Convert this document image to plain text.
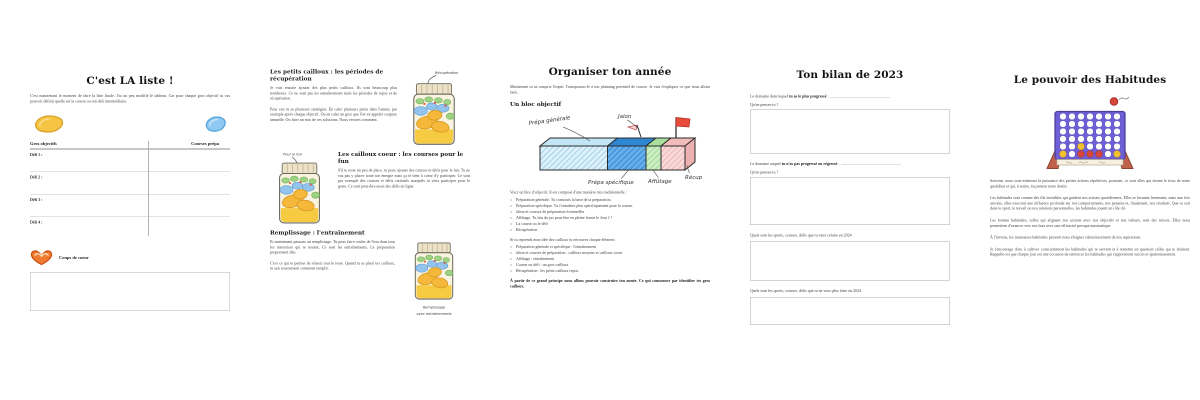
C'est LA liste !

C'est maintenant le moment de faire la liste finale. J'ai un peu modifié le tableau. Car pour chaque gros objectif tu vas pouvoir définir quelle est la course ou ton défi intermédiaire.

Gros objectifs	Courses prépa
Défi 1 :
Défi 2 :
Défi 3 :
Défi 4 :
Coups de coeur
Les petits cailloux : les périodes de récupération

Je vais ensuite ajouter des plus petits cailloux. Ils sont beaucoup plus nombreux. Ce ne sont pas les entraînements mais les périodes de repos et de récupération.

Pour eux tu as plusieurs stratégies. En caler plusieurs petits dans l'année, par exemple après chaque objectif. Ou en caler un gros que l'on va appeler coupure annuelle. Ou faire un mix de ces solutions. Nous verrons comment.

Récupération
Pour le fun	Les cailloux coeur : les courses pour le fun

S'il te reste un peu de place, tu peux ajouter des courses et défis pour le fun. Tu ne vas pas y placer toute ton énergie mais ça te tient à coeur d'y participer. Ce sont par exemple des courses et défis caritatifs auxquels tu veux participer pour le geste. Ce sont peut-être aussi des défis en ligne.

Remplissage : l'entraînement

Et maintenant passons au remplissage. Tu peux faire couler de l'eau dans tous les interstices qui te restent. Ce sont les entraînements. La préparation proprement dite.

C'est ce qui te permet de réussir tout le reste. Quand tu as placé tes cailloux, tu sais exactement comment remplir.

Remplissage
avec entraînements
Organiser ton année

Maintenant tu as compris l'esprit. Transposons-le à ton planning potentiel de course. Je vais t'expliquer ce que nous allons faire.

Un bloc objectif
Prépa générale	Jalon
Prépa spécifique Affûtage
Récup

Voici un bloc d'objectif. Il est composé d'une manière très traditionnelle :

• Préparation générale. Tu construis la base de ta préparation.
• Préparation spécifique. Tu t'entraînes plus spécifiquement pour la course.
• Jalon et courses de préparation éventuelles
• Affûtage. Tu fais du jus pour être en pleine forme le Jour J !
• La course ou le défi
• Récupération

Si tu reprends mon idée des cailloux tu retrouves chaque élément :

• Préparation générale et spécifique : l'entraînement
• Jalon et courses de préparation : cailloux moyens et cailloux coeur
• Affûtage : entraînement
• Course ou défi : un gros cailloux
• Récupération : les petits cailloux repos.

À partir de ce grand principe nous allons pouvoir construire ton année. Ce qui commence par identifier tes gros cailloux.

Ton bilan de 2023

Le domaine dans lequel tu as le plus progressé :

Qu'en penses-tu ?

Le domaine auquel tu n'as pas progressé ou régressé :

Qu'en penses-tu ?

Quels sont les sports, courses, défis que tu veux refaire en 2024

Quels sont les sports, courses, défis que tu ne veux plus faire en 2024

Le pouvoir des Habitudes

Souvent, nous sous-estimons la puissance des petites actions répétitives, pourtant, ce sont elles qui tissent le tissu de notre quotidien et qui, à terme, façonnent notre destin.

Les habitudes sont comme des fils invisibles qui guident nos actions quotidiennes. Elles se forment lentement, mais une fois ancrées, elles exercent une influence profonde sur nos comportements, nos pensées et, finalement, nos résultats. Que ce soit dans le sport, le travail ou nos relations personnelles, les habitudes jouent un rôle clé.

Les bonnes habitudes, celles qui alignent nos actions avec nos objectifs et nos valeurs, sont des trésors. Elles nous permettent d'avancer vers nos buts avec une efficacité presque automatique.

À l'inverse, les mauvaises habitudes peuvent nous éloigner silencieusement de nos aspirations.

Je t'encourage donc à cultiver consciemment les habitudes qui te servent et à remettre en question celles qui te freinent. Rappelle-toi que chaque jour est une occasion de renforcer les habitudes qui t'apporteront succès et épanouissement.
